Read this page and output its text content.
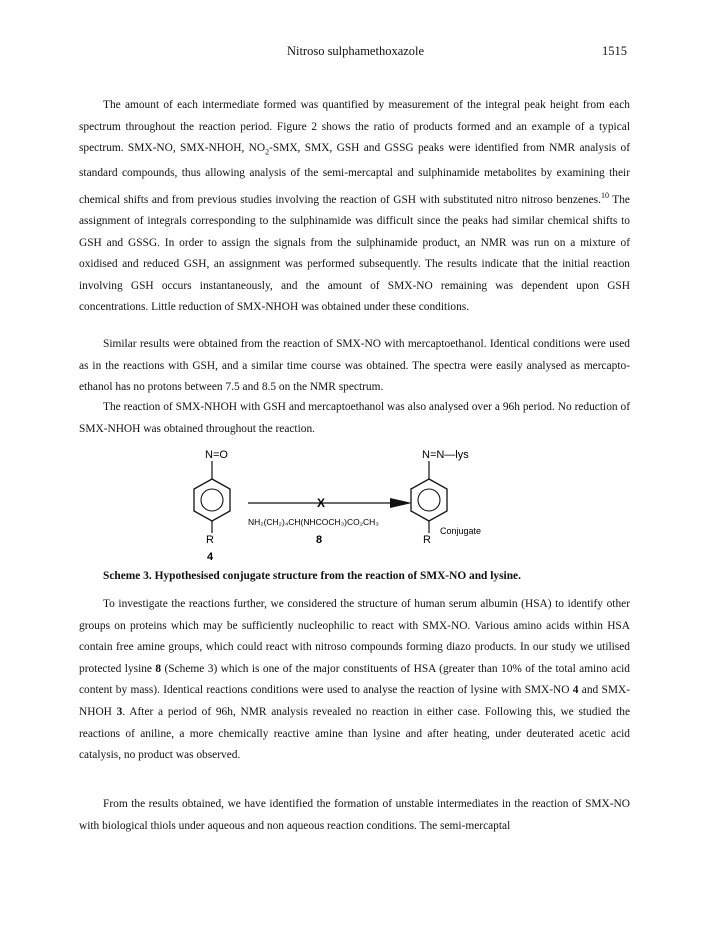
Nitroso sulphamethoxazole	1515

The amount of each intermediate formed was quantified by measurement of the integral peak height from each spectrum throughout the reaction period. Figure 2 shows the ratio of products formed and an example of a typical spectrum. SMX-NO, SMX-NHOH, $NO_2$-SMX, SMX, GSH and GSSG peaks were identified from NMR analysis of standard compounds, thus allowing analysis of the semi-mercaptal and sulphinamide metabolites by examining their chemical shifts and from previous studies involving the reaction of GSH with substituted nitro nitroso benzenes.$^{10}$ The assignment of integrals corresponding to the sulphinamide was difficult since the peaks had similar chemical shifts to GSH and GSSG. In order to assign the signals from the sulphinamide product, an NMR was run on a mixture of oxidised and reduced GSH, an assignment was performed subsequently. The results indicate that the initial reaction involving GSH occurs instantaneously, and the amount of SMX-NO remaining was dependent upon GSH concentrations. Little reduction of SMX-NHOH was obtained under these conditions.

Similar results were obtained from the reaction of SMX-NO with mercaptoethanol. Identical conditions were used as in the reactions with GSH, and a similar time course was obtained. The spectra were easily analysed as mercapto-ethanol has no protons between 7.5 and 8.5 on the NMR spectrum.

The reaction of SMX-NHOH with GSH and mercaptoethanol was also analysed over a 96h period. No reduction of SMX-NHOH was obtained throughout the reaction.

N=O
R
4
X
NH₂(CH₂)₄CH(NHCOCH₃)CO₂CH₃
8
N=N—lys
R
Conjugate
Scheme 3. Hypothesised conjugate structure from the reaction of SMX-NO and lysine.

To investigate the reactions further, we considered the structure of human serum albumin (HSA) to identify other groups on proteins which may be sufficiently nucleophilic to react with SMX-NO. Various amino acids within HSA contain free amine groups, which could react with nitroso compounds forming diazo products. In our study we utilised protected lysine 8 (Scheme 3) which is one of the major constituents of HSA (greater than 10% of the total amino acid content by mass). Identical reactions conditions were used to analyse the reaction of lysine with SMX-NO 4 and SMX-NHOH 3. After a period of 96h, NMR analysis revealed no reaction in either case. Following this, we studied the reactions of aniline, a more chemically reactive amine than lysine and after heating, under deuterated acetic acid catalysis, no product was observed.

From the results obtained, we have identified the formation of unstable intermediates in the reaction of SMX-NO with biological thiols under aqueous and non aqueous reaction conditions. The semi-mercaptal
